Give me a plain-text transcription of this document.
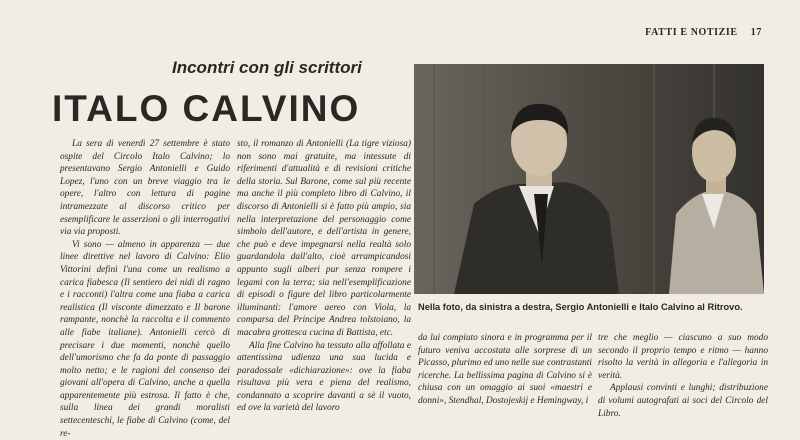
FATTI E NOTIZIE 17
Incontri con gli scrittori
ITALO CALVINO

La sera di venerdì 27 settembre è stato ospite del Circolo Italo Calvino; lo presentavano Sergio Antonielli e Guido Lopez, l'uno con un breve viaggio tra le opere, l'altro con lettura di pagine intramezzate al discorso critico per esemplificare le asserzioni o gli interrogativi via via proposti.

Vi sono — almeno in apparenza — due linee direttive nel lavoro di Calvino: Elio Vittorini definì l'una come un realismo a carica fiabesca (Il sentiero dei nidi di ragno e i racconti) l'altra come una fiaba a carica realistica (Il visconte dimezzato e Il barone rampante, nonchè la raccolta e il commento alle fiabe italiane). Antonielli cercò di precisare i due momenti, nonchè quello dell'umorismo che fa da ponte di passaggio molto netto; e le ragioni del consenso dei giovani all'opera di Calvino, anche a quella apparentemente più estrosa. Il fatto è che, sulla linea dei grandi moralisti settecenteschi, le fiabe di Calvino (come, del re-

sto, il romanzo di Antonielli (La tigre viziosa) non sono mai gratuite, ma intessute di riferimenti d'attualità e di revisioni critiche della storia. Sul Barone, come sul più recente ma anche il più completo libro di Calvino, il discorso di Antonielli si è fatto più ampio, sia nella interpretazione del personaggio come simbolo dell'autore, e dell'artista in genere, che può e deve impegnarsi nella realtà solo guardandola dall'alto, cioè arrampicandosi appunto sugli alberi pur senza rompere i legami con la terra; sia nell'esemplificazione di episodi o figure del libro particolarmente illuminanti: l'amore aereo con Viola, la comparsa del Principe Andrea tolstoiano, la macabra grottesca cucina di Battista, etc.

Alla fine Calvino ha tessuto alla affollata e attentissima udienza una sua lucida e paradossale «dichiarazione»: ove la fiaba risultava più vera e piena del realismo, condannato a scoprire davanti a sè il vuoto, ed ove la varietà del lavoro

Nella foto, da sinistra a destra, Sergio Antonielli e Italo Calvino al Ritrovo.

da lui compiuto sinora e in programma per il futuro veniva accostata alle sorprese di un Picasso, plurimo ed uno nelle sue contrastanti ricerche. La bellissima pagina di Calvino si è chiusa con un omaggio ai suoi «maestri e donni», Stendhal, Dostojeskij e Hemingway, i

tre che meglio — ciascuno a suo modo secondo il proprio tempo e ritmo — hanno risolto la verità in allegoria e l'allegoria in verità.

Applausi convinti e lunghi; distribuzione di volumi autografati ai soci del Circolo del Libro.
